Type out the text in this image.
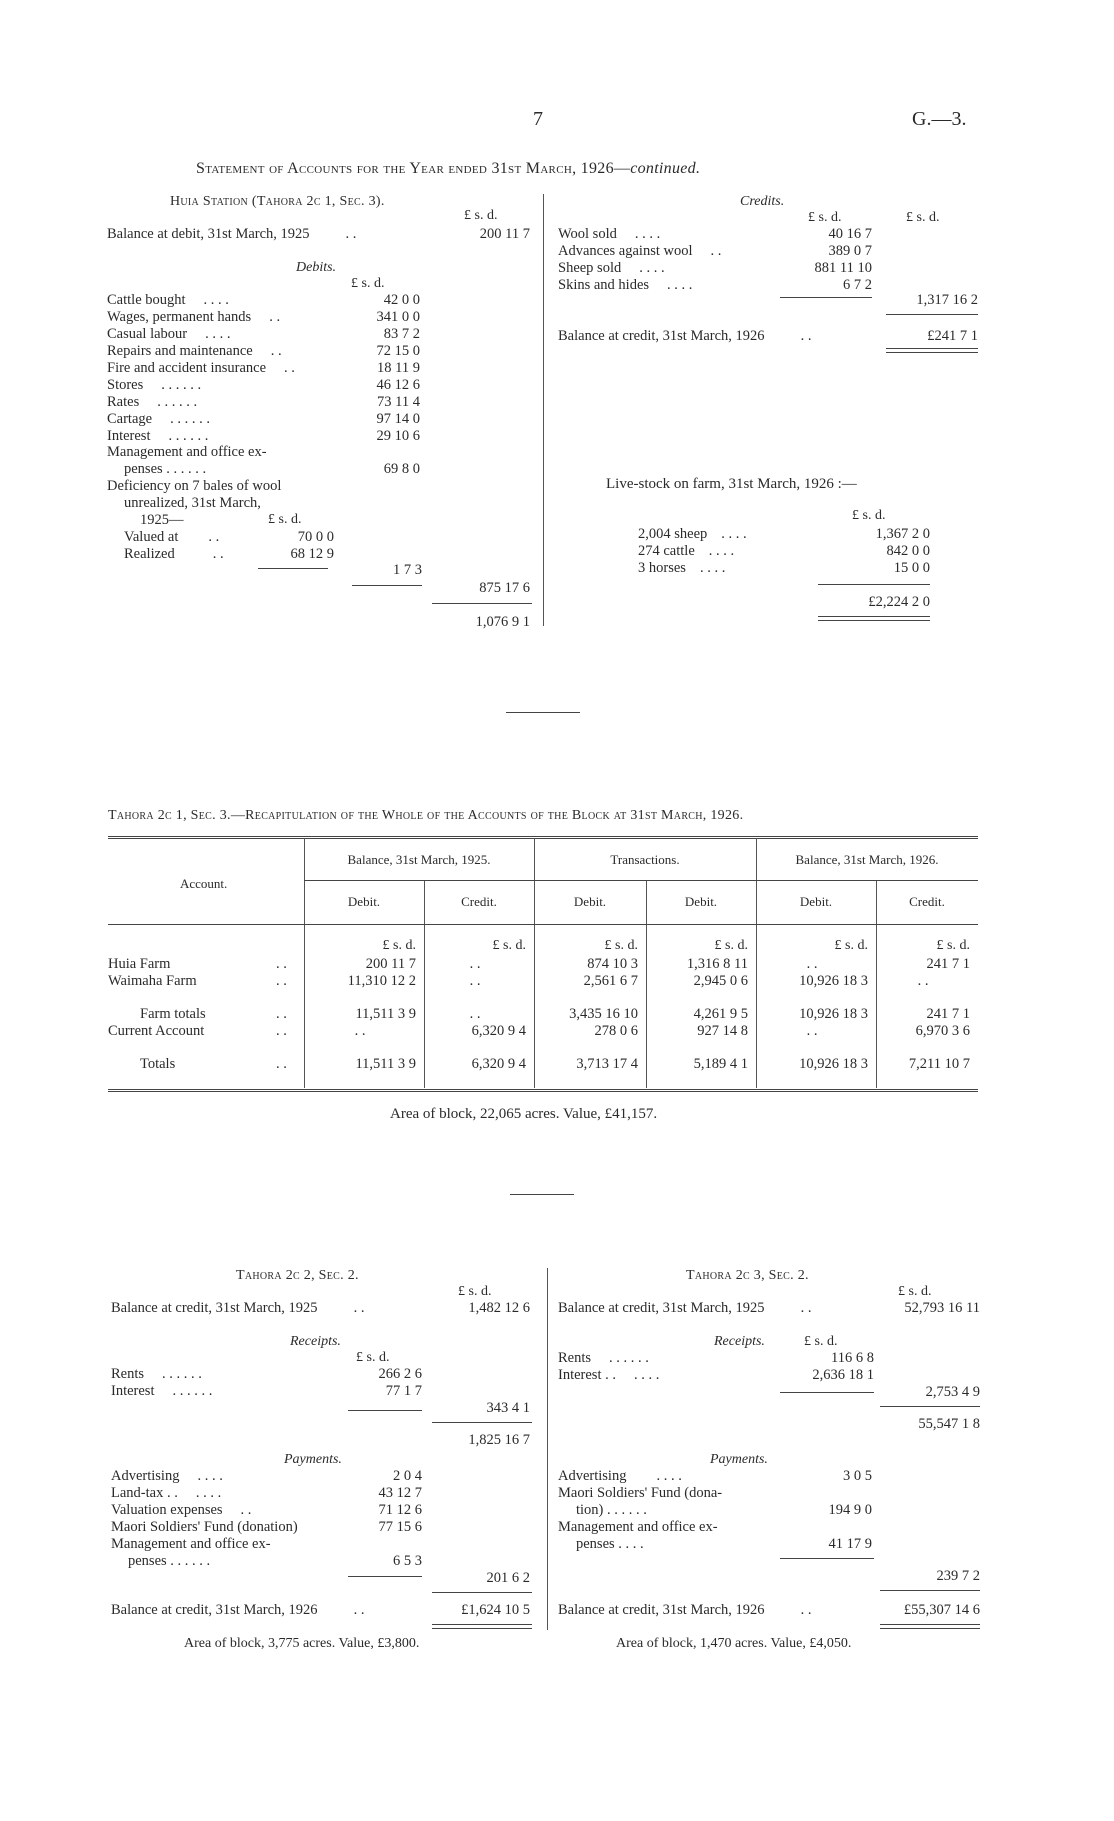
7	G.—3.
Statement of Accounts for the Year ended 31st March, 1926—continued.
Huia Station (Tahora 2c 1, Sec. 3).
£ s. d.
Balance at debit, 31st March, 1925 . .	200 11 7
Debits.
£ s. d.
Cattle bought . . . .	42 0 0
Wages, permanent hands . .	341 0 0
Casual labour . . . .	83 7 2
Repairs and maintenance . .	72 15 0
Fire and accident insurance . .	18 11 9
Stores . . . . . .	46 12 6
Rates . . . . . .	73 11 4
Cartage . . . . . .	97 14 0
Interest . . . . . .	29 10 6
Management and office ex-
penses . . . . . .	69 8 0
Deficiency on 7 bales of wool
unrealized, 31st March,
1925—	£ s. d.
Valued at . .	70 0 0
Realized	. .	68 12 9
1 7 3
875 17 6
1,076 9 1
Credits.
£ s. d.	£ s. d.
Wool sold . . . .	40 16 7
Advances against wool . .	389 0 7
Sheep sold . . . .	881 11 10
Skins and hides . . . .	6 7 2
1,317 16 2
Balance at credit, 31st March, 1926 . .	£241 7 1
Live-stock on farm, 31st March, 1926 :—
£ s. d.
2,004 sheep . . . .	1,367 2 0
274 cattle . . . .	842 0 0
3 horses . . . .	15 0 0
£2,224 2 0
Tahora 2c 1, Sec. 3.—Recapitulation of the Whole of the Accounts of the Block at 31st March, 1926.
Account.
Balance, 31st March, 1925.	Transactions.	Balance, 31st March, 1926.
Debit.	Credit.	Debit.	Debit.	Debit.	Credit.
£ s. d.	£ s. d.	£ s. d.	£ s. d.	£ s. d.	£ s. d.
Huia Farm	. .	200 11 7	. .	874 10 3	1,316 8 11	. .	241 7 1
Waimaha Farm	. .	11,310 12 2	. .	2,561 6 7	2,945 0 6	10,926 18 3	. .
Farm totals	. .	11,511 3 9	. .	3,435 16 10	4,261 9 5	10,926 18 3	241 7 1
Current Account	. .	. .	6,320 9 4	278 0 6	927 14 8	. .	6,970 3 6
Totals	. .	11,511 3 9	6,320 9 4	3,713 17 4	5,189 4 1	10,926 18 3	7,211 10 7
Area of block, 22,065 acres. Value, £41,157.
Tahora 2c 2, Sec. 2.
£ s. d.
Balance at credit, 31st March, 1925 . .	1,482 12 6
Receipts.
£ s. d.
Rents . . . . . .	266 2 6
Interest . . . . . .	77 1 7
343 4 1
1,825 16 7
Payments.
Advertising . . . .	2 0 4
Land-tax . . . . . .	43 12 7
Valuation expenses . .	71 12 6
Maori Soldiers' Fund (donation)	77 15 6
Management and office ex-
penses . . . . . .	6 5 3
201 6 2
Balance at credit, 31st March, 1926 . .	£1,624 10 5
Area of block, 3,775 acres. Value, £3,800.
Tahora 2c 3, Sec. 2.
£ s. d.
Balance at credit, 31st March, 1925 . .	52,793 16 11
Receipts.	£ s. d.
Rents . . . . . .	116 6 8
Interest . . . . . .	2,636 18 1
2,753 4 9
55,547 1 8
Payments.
Advertising . . . .	3 0 5
Maori Soldiers' Fund (dona-
tion) . . . . . .	194 9 0
Management and office ex-
penses . . . .	41 17 9
239 7 2
Balance at credit, 31st March, 1926 . .	£55,307 14 6
Area of block, 1,470 acres. Value, £4,050.
